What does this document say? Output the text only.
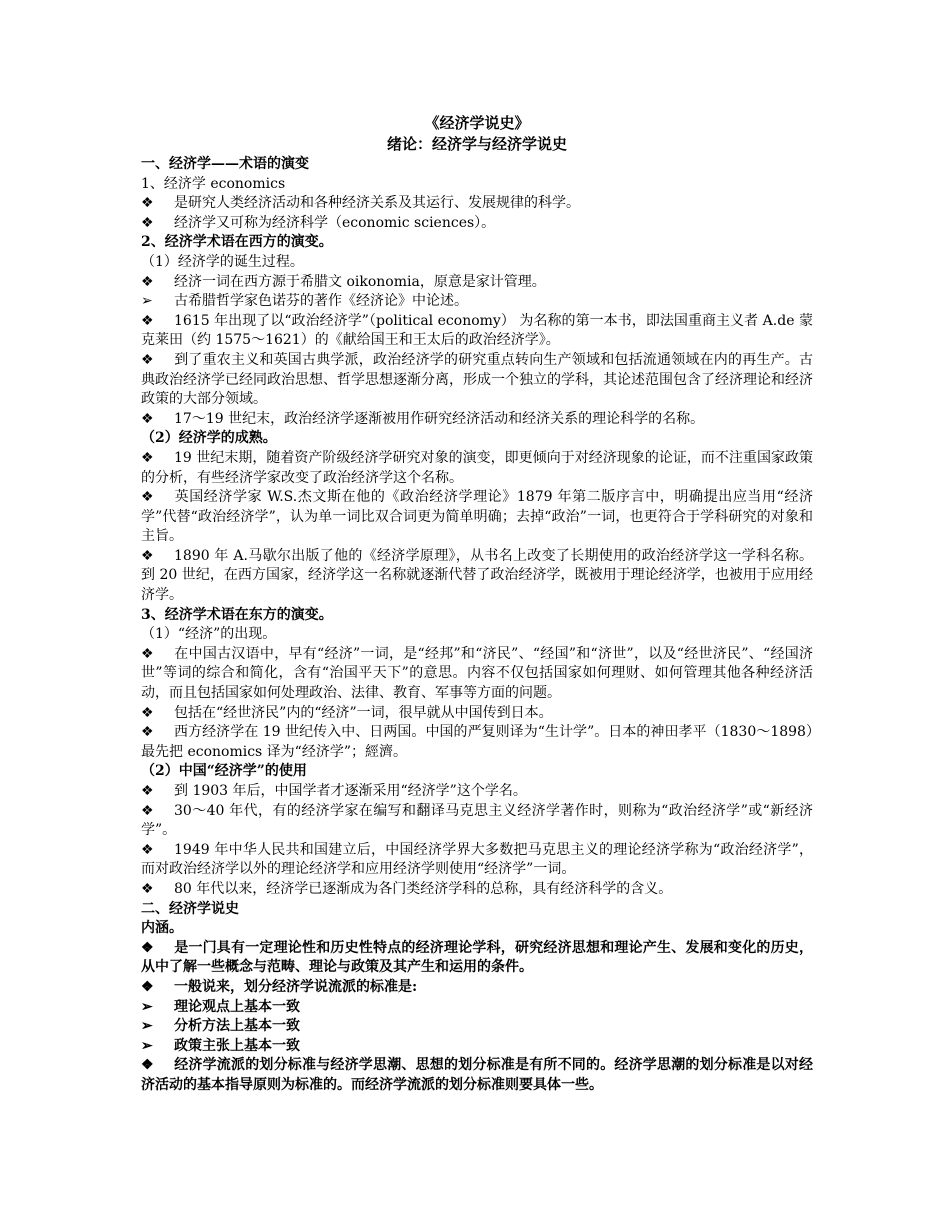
《经济学说史》
绪论：经济学与经济学说史

一、经济学——术语的演变

1、经济学 economics

❖ 是研究人类经济活动和各种经济关系及其运行、发展规律的科学。

❖ 经济学又可称为经济科学（economic sciences）。

2、经济学术语在西方的演变。

（1）经济学的诞生过程。

❖ 经济一词在西方源于希腊文 oikonomia，原意是家计管理。

➢ 古希腊哲学家色诺芬的著作《经济论》中论述。

❖ 1615 年出现了以“政治经济学”（political economy） 为名称的第一本书，即法国重商主义者 A.de 蒙克莱田（约 1575～1621）的《献给国王和王太后的政治经济学》。

❖ 到了重农主义和英国古典学派，政治经济学的研究重点转向生产领域和包括流通领域在内的再生产。古典政治经济学已经同政治思想、哲学思想逐渐分离，形成一个独立的学科，其论述范围包含了经济理论和经济政策的大部分领域。

❖ 17～19 世纪末，政治经济学逐渐被用作研究经济活动和经济关系的理论科学的名称。

（2）经济学的成熟。

❖ 19 世纪末期，随着资产阶级经济学研究对象的演变，即更倾向于对经济现象的论证，而不注重国家政策的分析，有些经济学家改变了政治经济学这个名称。

❖ 英国经济学家 W.S.杰文斯在他的《政治经济学理论》1879 年第二版序言中，明确提出应当用“经济学”代替“政治经济学”，认为单一词比双合词更为简单明确；去掉“政治”一词，也更符合于学科研究的对象和主旨。

❖ 1890 年 A.马歇尔出版了他的《经济学原理》，从书名上改变了长期使用的政治经济学这一学科名称。到 20 世纪，在西方国家，经济学这一名称就逐渐代替了政治经济学，既被用于理论经济学，也被用于应用经济学。

3、经济学术语在东方的演变。

（1）“经济”的出现。

❖ 在中国古汉语中，早有“经济”一词，是“经邦”和“济民”、“经国”和“济世”，以及“经世济民”、“经国济世”等词的综合和简化，含有“治国平天下”的意思。内容不仅包括国家如何理财、如何管理其他各种经济活动，而且包括国家如何处理政治、法律、教育、军事等方面的问题。

❖ 包括在“经世济民”内的“经济”一词，很早就从中国传到日本。

❖ 西方经济学在 19 世纪传入中、日两国。中国的严复则译为“生计学”。日本的神田孝平（1830～1898）最先把 economics 译为“经济学”；經濟。

（2）中国“经济学”的使用

❖ 到 1903 年后，中国学者才逐渐采用“经济学”这个学名。

❖ 30～40 年代，有的经济学家在编写和翻译马克思主义经济学著作时，则称为“政治经济学”或“新经济学”。

❖ 1949 年中华人民共和国建立后，中国经济学界大多数把马克思主义的理论经济学称为“政治经济学”，而对政治经济学以外的理论经济学和应用经济学则使用“经济学”一词。

❖ 80 年代以来，经济学已逐渐成为各门类经济学科的总称，具有经济科学的含义。

二、经济学说史

内涵。

❖ 是一门具有一定理论性和历史性特点的经济理论学科，研究经济思想和理论产生、发展和变化的历史，从中了解一些概念与范畴、理论与政策及其产生和运用的条件。

❖ 一般说来，划分经济学说流派的标准是:

➢ 理论观点上基本一致

➢ 分析方法上基本一致

➢ 政策主张上基本一致

❖ 经济学流派的划分标准与经济学思潮、思想的划分标准是有所不同的。经济学思潮的划分标准是以对经济活动的基本指导原则为标准的。而经济学流派的划分标准则要具体一些。
